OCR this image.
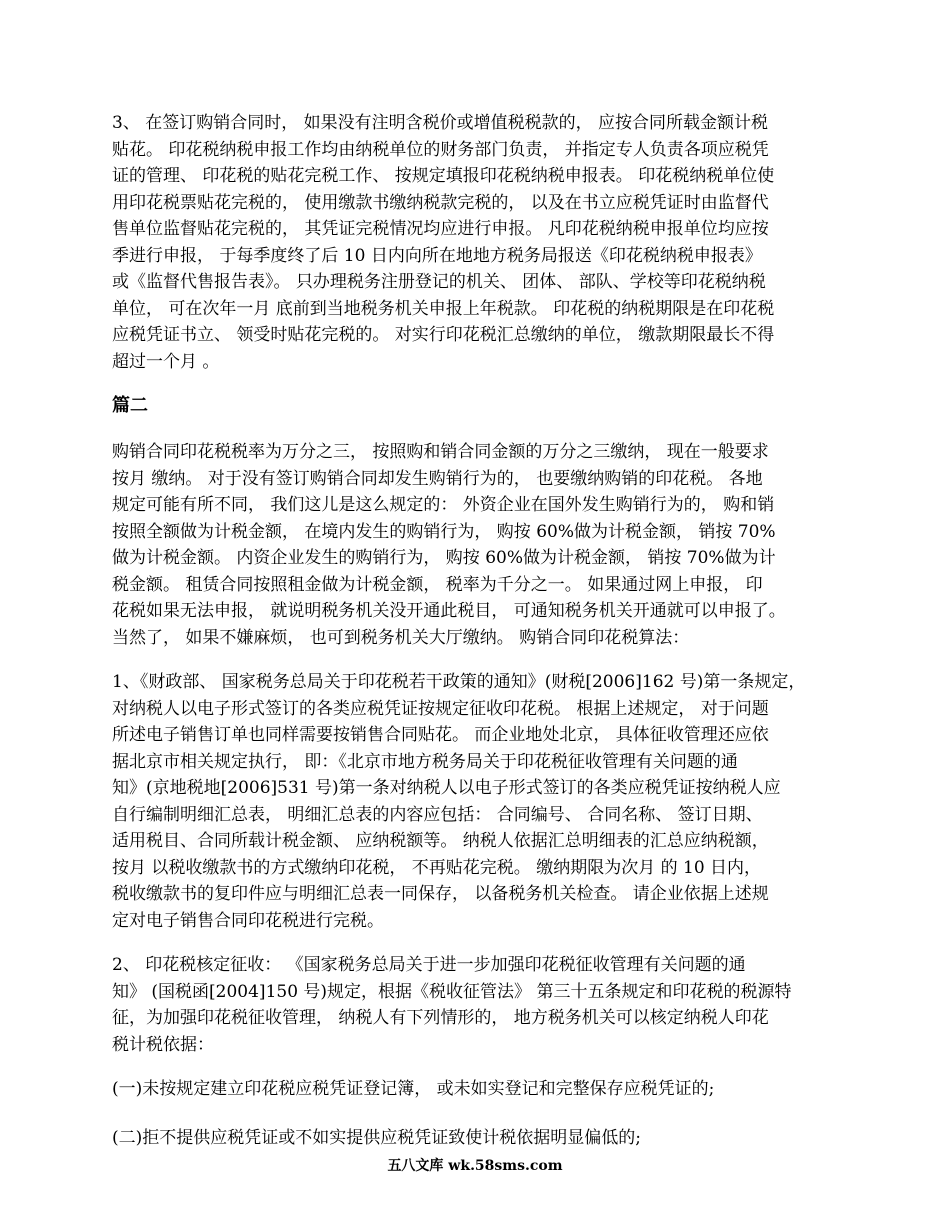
3、 在签订购销合同时， 如果没有注明含税价或增值税税款的， 应按合同所载金额计税
贴花。 印花税纳税申报工作均由纳税单位的财务部门负责， 并指定专人负责各项应税凭
证的管理、 印花税的贴花完税工作、 按规定填报印花税纳税申报表。 印花税纳税单位使
用印花税票贴花完税的， 使用缴款书缴纳税款完税的， 以及在书立应税凭证时由监督代
售单位监督贴花完税的， 其凭证完税情况均应进行申报。 凡印花税纳税申报单位均应按
季进行申报， 于每季度终了后 10 日内向所在地地方税务局报送《印花税纳税申报表》
或《监督代售报告表》。 只办理税务注册登记的机关、 团体、 部队、学校等印花税纳税
单位， 可在次年一月 底前到当地税务机关申报上年税款。 印花税的纳税期限是在印花税
应税凭证书立、 领受时贴花完税的。 对实行印花税汇总缴纳的单位， 缴款期限最长不得
超过一个月 。
篇二
购销合同印花税税率为万分之三， 按照购和销合同金额的万分之三缴纳， 现在一般要求
按月 缴纳。 对于没有签订购销合同却发生购销行为的， 也要缴纳购销的印花税。 各地
规定可能有所不同， 我们这儿是这么规定的： 外资企业在国外发生购销行为的， 购和销
按照全额做为计税金额， 在境内发生的购销行为， 购按 60%做为计税金额， 销按 70%
做为计税金额。 内资企业发生的购销行为， 购按 60%做为计税金额， 销按 70%做为计
税金额。 租赁合同按照租金做为计税金额， 税率为千分之一。 如果通过网上申报， 印
花税如果无法申报， 就说明税务机关没开通此税目， 可通知税务机关开通就可以申报了。
当然了， 如果不嫌麻烦， 也可到税务机关大厅缴纳。 购销合同印花税算法：
1、《财政部、 国家税务总局关于印花税若干政策的通知》(财税[2006]162 号)第一条规定，
对纳税人以电子形式签订的各类应税凭证按规定征收印花税。 根据上述规定， 对于问题
所述电子销售订单也同样需要按销售合同贴花。 而企业地处北京， 具体征收管理还应依
据北京市相关规定执行， 即：《北京市地方税务局关于印花税征收管理有关问题的通
知》(京地税地[2006]531 号)第一条对纳税人以电子形式签订的各类应税凭证按纳税人应
自行编制明细汇总表， 明细汇总表的内容应包括： 合同编号、 合同名称、 签订日期、
适用税目、合同所载计税金额、 应纳税额等。 纳税人依据汇总明细表的汇总应纳税额，
按月 以税收缴款书的方式缴纳印花税， 不再贴花完税。 缴纳期限为次月 的 10 日内，
税收缴款书的复印件应与明细汇总表一同保存， 以备税务机关检查。 请企业依据上述规
定对电子销售合同印花税进行完税。
2、 印花税核定征收： 《国家税务总局关于进一步加强印花税征收管理有关问题的通
知》 (国税函[2004]150 号)规定，根据《税收征管法》 第三十五条规定和印花税的税源特
征，为加强印花税征收管理， 纳税人有下列情形的， 地方税务机关可以核定纳税人印花
税计税依据：
(一)未按规定建立印花税应税凭证登记簿， 或未如实登记和完整保存应税凭证的;
(二)拒不提供应税凭证或不如实提供应税凭证致使计税依据明显偏低的;
五八文库 wk.58sms.com
